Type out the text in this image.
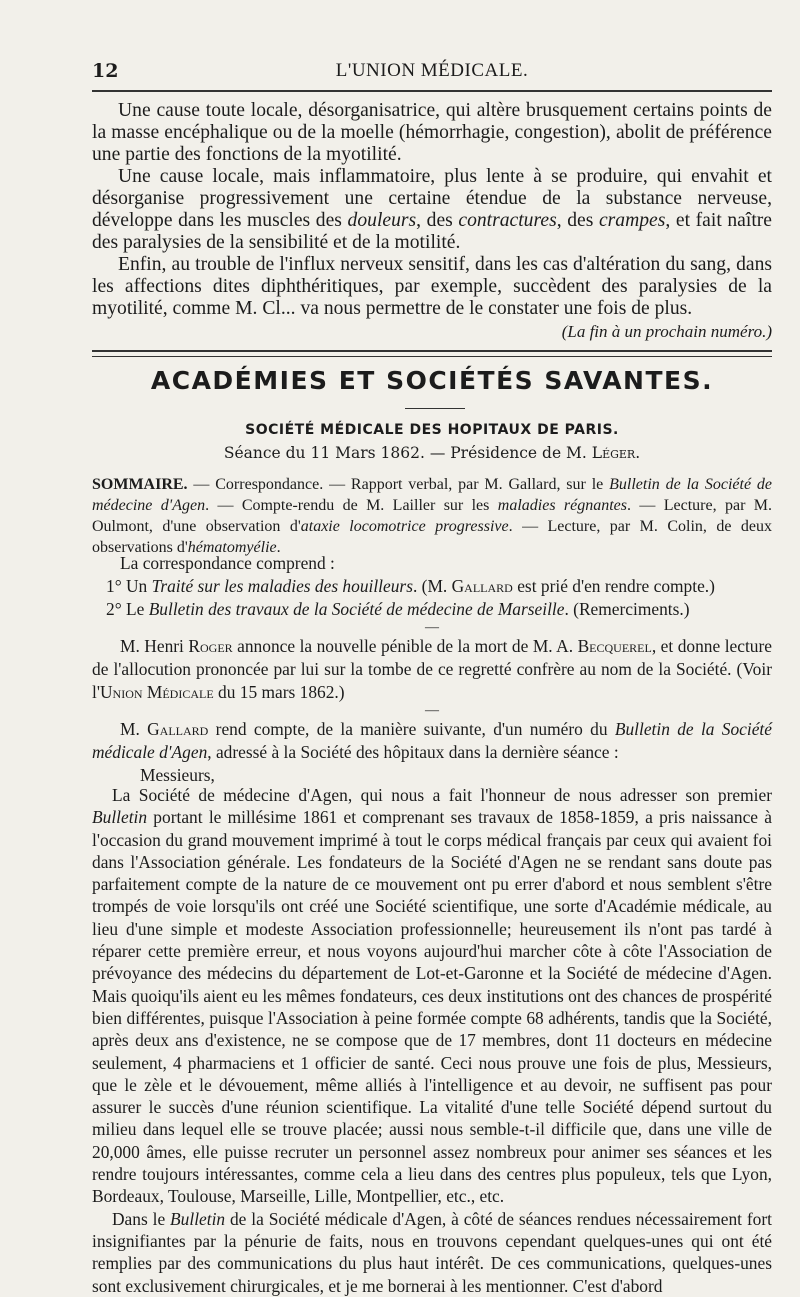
12	L'UNION MÉDICALE.

Une cause toute locale, désorganisatrice, qui altère brusquement certains points de la masse encéphalique ou de la moelle (hémorrhagie, congestion), abolit de préférence une partie des fonctions de la myotilité.

Une cause locale, mais inflammatoire, plus lente à se produire, qui envahit et désorganise progressivement une certaine étendue de la substance nerveuse, développe dans les muscles des douleurs, des contractures, des crampes, et fait naître des paralysies de la sensibilité et de la motilité.

Enfin, au trouble de l'influx nerveux sensitif, dans les cas d'altération du sang, dans les affections dites diphthéritiques, par exemple, succèdent des paralysies de la myotilité, comme M. Cl... va nous permettre de le constater une fois de plus.

(La fin à un prochain numéro.)
ACADÉMIES ET SOCIÉTÉS SAVANTES.
SOCIÉTÉ MÉDICALE DES HOPITAUX DE PARIS.
Séance du 11 Mars 1862. — Présidence de M. Léger.

SOMMAIRE. — Correspondance. — Rapport verbal, par M. Gallard, sur le Bulletin de la Société de médecine d'Agen. — Compte-rendu de M. Lailler sur les maladies régnantes. — Lecture, par M. Oulmont, d'une observation d'ataxie locomotrice progressive. — Lecture, par M. Colin, de deux observations d'hématomyélie.

La correspondance comprend :

1° Un Traité sur les maladies des houilleurs. (M. Gallard est prié d'en rendre compte.)

2° Le Bulletin des travaux de la Société de médecine de Marseille. (Remerciments.)

—

M. Henri Roger annonce la nouvelle pénible de la mort de M. A. Becquerel, et donne lecture de l'allocution prononcée par lui sur la tombe de ce regretté confrère au nom de la Société. (Voir l'Union Médicale du 15 mars 1862.)

—

M. Gallard rend compte, de la manière suivante, d'un numéro du Bulletin de la Société médicale d'Agen, adressé à la Société des hôpitaux dans la dernière séance :

Messieurs,

La Société de médecine d'Agen, qui nous a fait l'honneur de nous adresser son premier Bulletin portant le millésime 1861 et comprenant ses travaux de 1858-1859, a pris naissance à l'occasion du grand mouvement imprimé à tout le corps médical français par ceux qui avaient foi dans l'Association générale. Les fondateurs de la Société d'Agen ne se rendant sans doute pas parfaitement compte de la nature de ce mouvement ont pu errer d'abord et nous semblent s'être trompés de voie lorsqu'ils ont créé une Société scientifique, une sorte d'Académie médicale, au lieu d'une simple et modeste Association professionnelle; heureusement ils n'ont pas tardé à réparer cette première erreur, et nous voyons aujourd'hui marcher côte à côte l'Association de prévoyance des médecins du département de Lot-et-Garonne et la Société de médecine d'Agen. Mais quoiqu'ils aient eu les mêmes fondateurs, ces deux institutions ont des chances de prospérité bien différentes, puisque l'Association à peine formée compte 68 adhérents, tandis que la Société, après deux ans d'existence, ne se compose que de 17 membres, dont 11 docteurs en médecine seulement, 4 pharmaciens et 1 officier de santé. Ceci nous prouve une fois de plus, Messieurs, que le zèle et le dévouement, même alliés à l'intelligence et au devoir, ne suffisent pas pour assurer le succès d'une réunion scientifique. La vitalité d'une telle Société dépend surtout du milieu dans lequel elle se trouve placée; aussi nous semble-t-il difficile que, dans une ville de 20,000 âmes, elle puisse recruter un personnel assez nombreux pour animer ses séances et les rendre toujours intéressantes, comme cela a lieu dans des centres plus populeux, tels que Lyon, Bordeaux, Toulouse, Marseille, Lille, Montpellier, etc., etc.

Dans le Bulletin de la Société médicale d'Agen, à côté de séances rendues nécessairement fort insignifiantes par la pénurie de faits, nous en trouvons cependant quelques-unes qui ont été remplies par des communications du plus haut intérêt. De ces communications, quelques-unes sont exclusivement chirurgicales, et je me bornerai à les mentionner. C'est d'abord
